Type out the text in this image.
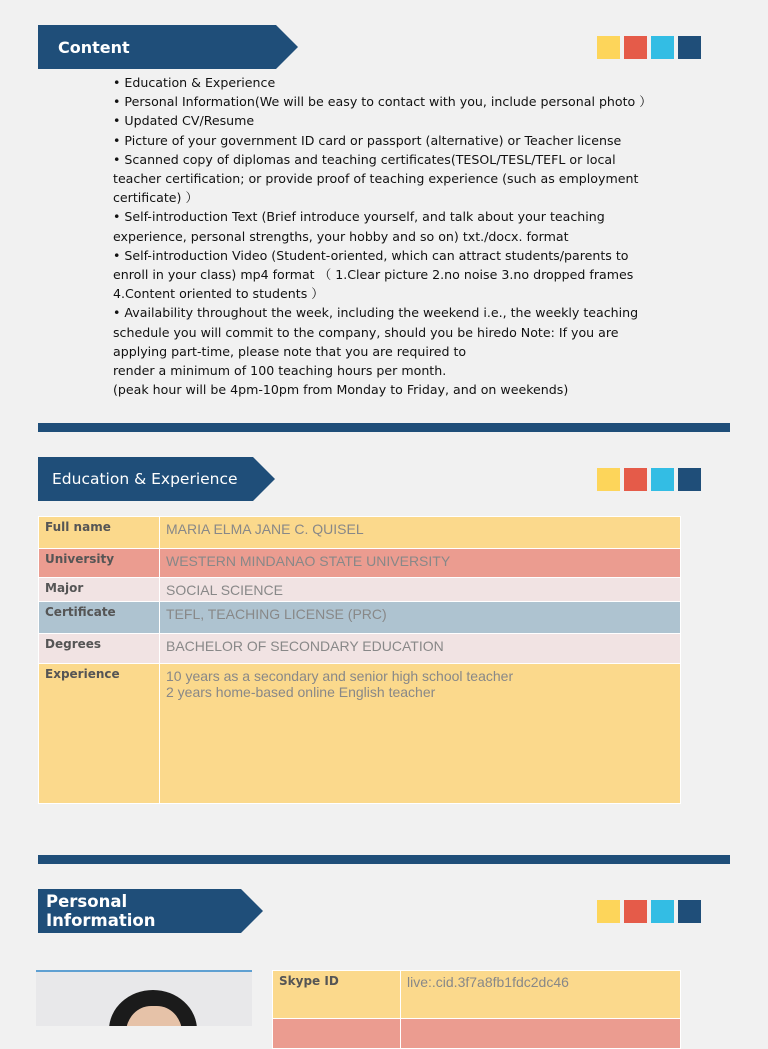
Content
• Education & Experience
• Personal Information(We will be easy to contact with you, include personal photo ）
• Updated CV/Resume
• Picture of your government ID card or passport (alternative) or Teacher license
• Scanned copy of diplomas and teaching certificates(TESOL/TESL/TEFL or local teacher certification; or provide proof of teaching experience (such as employment certificate) ）
• Self-introduction Text (Brief introduce yourself, and talk about your teaching experience, personal strengths, your hobby and so on) txt./docx. format
• Self-introduction Video (Student-oriented, which can attract students/parents to enroll in your class) mp4 format （ 1.Clear picture 2.no noise 3.no dropped frames 4.Content oriented to students ）
• Availability throughout the week, including the weekend i.e., the weekly teaching schedule you will commit to the company, should you be hiredo Note: If you are applying part-time, please note that you are required to
render a minimum of 100 teaching hours per month.
(peak hour will be 4pm-10pm from Monday to Friday, and on weekends)
Education & Experience
Full name	MARIA ELMA JANE C. QUISEL
University	WESTERN MINDANAO STATE UNIVERSITY
Major	SOCIAL SCIENCE
Certificate	TEFL, TEACHING LICENSE (PRC)
Degrees	BACHELOR OF SECONDARY EDUCATION
Experience	10 years as a secondary and senior high school teacher
2 years home-based online English teacher
Personal Information
Skype ID	live:.cid.3f7a8fb1fdc2dc46
